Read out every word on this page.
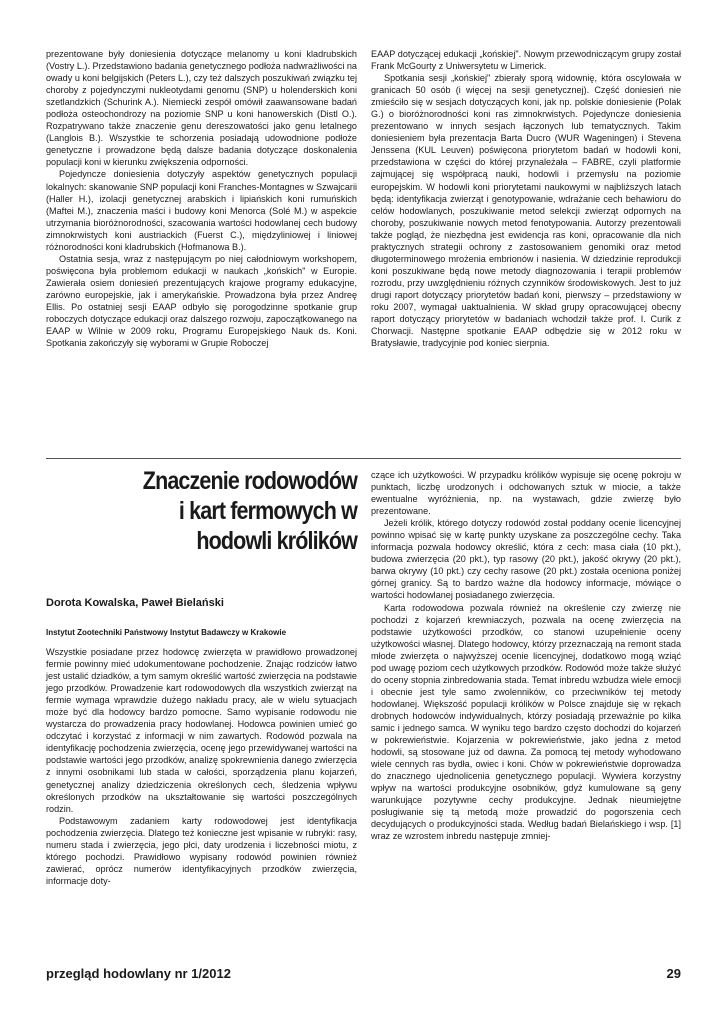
prezentowane były doniesienia dotyczące melanomy u koni kladrubskich (Vostry L.). Przedstawiono badania genetycznego podłoża nadwrażliwości na owady u koni belgijskich (Peters L.), czy też dalszych poszukiwań związku tej choroby z pojedynczymi nukleotydami genomu (SNP) u holenderskich koni szetlandzkich (Schurink A.). Niemiecki zespół omówił zaawansowane badań podłoża osteochondrozy na poziomie SNP u koni hanowerskich (Distl O.). Rozpatrywano także znaczenie genu dereszowatości jako genu letalnego (Langlois B.). Wszystkie te schorzenia posiadają udowodnione podłoże genetyczne i prowadzone będą dalsze badania dotyczące doskonalenia populacji koni w kierunku zwiększenia odporności.

Pojedyncze doniesienia dotyczyły aspektów genetycznych populacji lokalnych: skanowanie SNP populacji koni Franches-Montagnes w Szwajcarii (Haller H.), izolacji genetycznej arabskich i lipiańskich koni rumuńskich (Maftei M.), znaczenia maści i budowy koni Menorca (Solé M.) w aspekcie utrzymania bioróżnorodności, szacowania wartości hodowlanej cech budowy zimnokrwistych koni austriackich (Fuerst C.), międzyliniowej i liniowej różnorodności koni kladrubskich (Hofmanowa B.).

Ostatnia sesja, wraz z następującym po niej całodniowym workshopem, poświęcona była problemom edukacji w naukach „końskich" w Europie. Zawierała osiem doniesień prezentujących krajowe programy edukacyjne, zarówno europejskie, jak i amerykańskie. Prowadzona była przez Andreę Ellis. Po ostatniej sesji EAAP odbyło się porogodzinne spotkanie grup roboczych dotyczące edukacji oraz dalszego rozwoju, zapoczątkowanego na EAAP w Wilnie w 2009 roku, Programu Europejskiego Nauk ds. Koni. Spotkania zakończyły się wyborami w Grupie Roboczej

EAAP dotyczącej edukacji „końskiej". Nowym przewodniczącym grupy został Frank McGourty z Uniwersytetu w Limerick.

Spotkania sesji „końskiej" zbierały sporą widownię, która oscylowała w granicach 50 osób (i więcej na sesji genetycznej). Część doniesień nie zmieściło się w sesjach dotyczących koni, jak np. polskie doniesienie (Polak G.) o bioróżnorodności koni ras zimnokrwistych. Pojedyncze doniesienia prezentowano w innych sesjach łączonych lub tematycznych. Takim doniesieniem była prezentacja Barta Ducro (WUR Wageningen) i Stevena Jenssena (KUL Leuven) poświęcona priorytetom badań w hodowli koni, przedstawiona w części do której przynależała – FABRE, czyli platformie zajmującej się współpracą nauki, hodowli i przemysłu na poziomie europejskim. W hodowli koni priorytetami naukowymi w najbliższych latach będą: identyfikacja zwierząt i genotypowanie, wdrażanie cech behawioru do celów hodowlanych, poszukiwanie metod selekcji zwierząt odpornych na choroby, poszukiwanie nowych metod fenotypowania. Autorzy prezentowali także pogląd, że niezbędna jest ewidencja ras koni, opracowanie dla nich praktycznych strategii ochrony z zastosowaniem genomiki oraz metod długoterminowego mrożenia embrionów i nasienia. W dziedzinie reprodukcji koni poszukiwane będą nowe metody diagnozowania i terapii problemów rozrodu, przy uwzględnieniu różnych czynników środowiskowych. Jest to już drugi raport dotyczący priorytetów badań koni, pierwszy – przedstawiony w roku 2007, wymagał uaktualnienia. W skład grupy opracowującej obecny raport dotyczący priorytetów w badaniach wchodził także prof. I. Curik z Chorwacji. Następne spotkanie EAAP odbędzie się w 2012 roku w Bratysławie, tradycyjnie pod koniec sierpnia.

Znaczenie rodowodów
i kart fermowych w
hodowli królików
Dorota Kowalska, Paweł Bielański
Instytut Zootechniki Państwowy Instytut Badawczy w Krakowie

Wszystkie posiadane przez hodowcę zwierzęta w prawidłowo prowadzonej fermie powinny mieć udokumentowane pochodzenie. Znając rodziców łatwo jest ustalić dziadków, a tym samym określić wartość zwierzęcia na podstawie jego przodków. Prowadzenie kart rodowodowych dla wszystkich zwierząt na fermie wymaga wprawdzie dużego nakładu pracy, ale w wielu sytuacjach może być dla hodowcy bardzo pomocne. Samo wypisanie rodowodu nie wystarcza do prowadzenia pracy hodowlanej. Hodowca powinien umieć go odczytać i korzystać z informacji w nim zawartych. Rodowód pozwala na identyfikację pochodzenia zwierzęcia, ocenę jego przewidywanej wartości na podstawie wartości jego przodków, analizę spokrewnienia danego zwierzęcia z innymi osobnikami lub stada w całości, sporządzenia planu kojarzeń, genetycznej analizy dziedziczenia określonych cech, śledzenia wpływu określonych przodków na ukształtowanie się wartości poszczególnych rodzin.

Podstawowym zadaniem karty rodowodowej jest identyfikacja pochodzenia zwierzęcia. Dlatego też konieczne jest wpisanie w rubryki: rasy, numeru stada i zwierzęcia, jego płci, daty urodzenia i liczebności miotu, z którego pochodzi. Prawidłowo wypisany rodowód powinien również zawierać, oprócz numerów identyfikacyjnych przodków zwierzęcia, informacje doty-

czące ich użytkowości. W przypadku królików wypisuje się ocenę pokroju w punktach, liczbę urodzonych i odchowanych sztuk w miocie, a także ewentualne wyróżnienia, np. na wystawach, gdzie zwierzę było prezentowane.

Jeżeli królik, którego dotyczy rodowód został poddany ocenie licencyjnej powinno wpisać się w kartę punkty uzyskane za poszczególne cechy. Taka informacja pozwala hodowcy określić, która z cech: masa ciała (10 pkt.), budowa zwierzęcia (20 pkt.), typ rasowy (20 pkt.), jakość okrywy (20 pkt.), barwa okrywy (10 pkt.) czy cechy rasowe (20 pkt.) została oceniona poniżej górnej granicy. Są to bardzo ważne dla hodowcy informacje, mówiące o wartości hodowlanej posiadanego zwierzęcia.

Karta rodowodowa pozwala również na określenie czy zwierzę nie pochodzi z kojarzeń krewniaczych, pozwala na ocenę zwierzęcia na podstawie użytkowości przodków, co stanowi uzupełnienie oceny użytkowości własnej. Dlatego hodowcy, którzy przeznaczają na remont stada młode zwierzęta o najwyższej ocenie licencyjnej, dodatkowo mogą wziąć pod uwagę poziom cech użytkowych przodków. Rodowód może także służyć do oceny stopnia zinbredowania stada. Temat inbredu wzbudza wiele emocji i obecnie jest tyle samo zwolenników, co przeciwników tej metody hodowlanej. Większość populacji królików w Polsce znajduje się w rękach drobnych hodowców indywidualnych, którzy posiadają przeważnie po kilka samic i jednego samca. W wyniku tego bardzo często dochodzi do kojarzeń w pokrewieństwie. Kojarzenia w pokrewieństwie, jako jedna z metod hodowli, są stosowane już od dawna. Za pomocą tej metody wyhodowano wiele cennych ras bydła, owiec i koni. Chów w pokrewieństwie doprowadza do znacznego ujednolicenia genetycznego populacji. Wywiera korzystny wpływ na wartości produkcyjne osobników, gdyż kumulowane są geny warunkujące pozytywne cechy produkcyjne. Jednak nieumiejętne posługiwanie się tą metodą może prowadzić do pogorszenia cech decydujących o produkcyjności stada. Według badań Bielańskiego i wsp. [1] wraz ze wzrostem inbredu następuje zmniej-

przegląd hodowlany nr 1/2012	29
